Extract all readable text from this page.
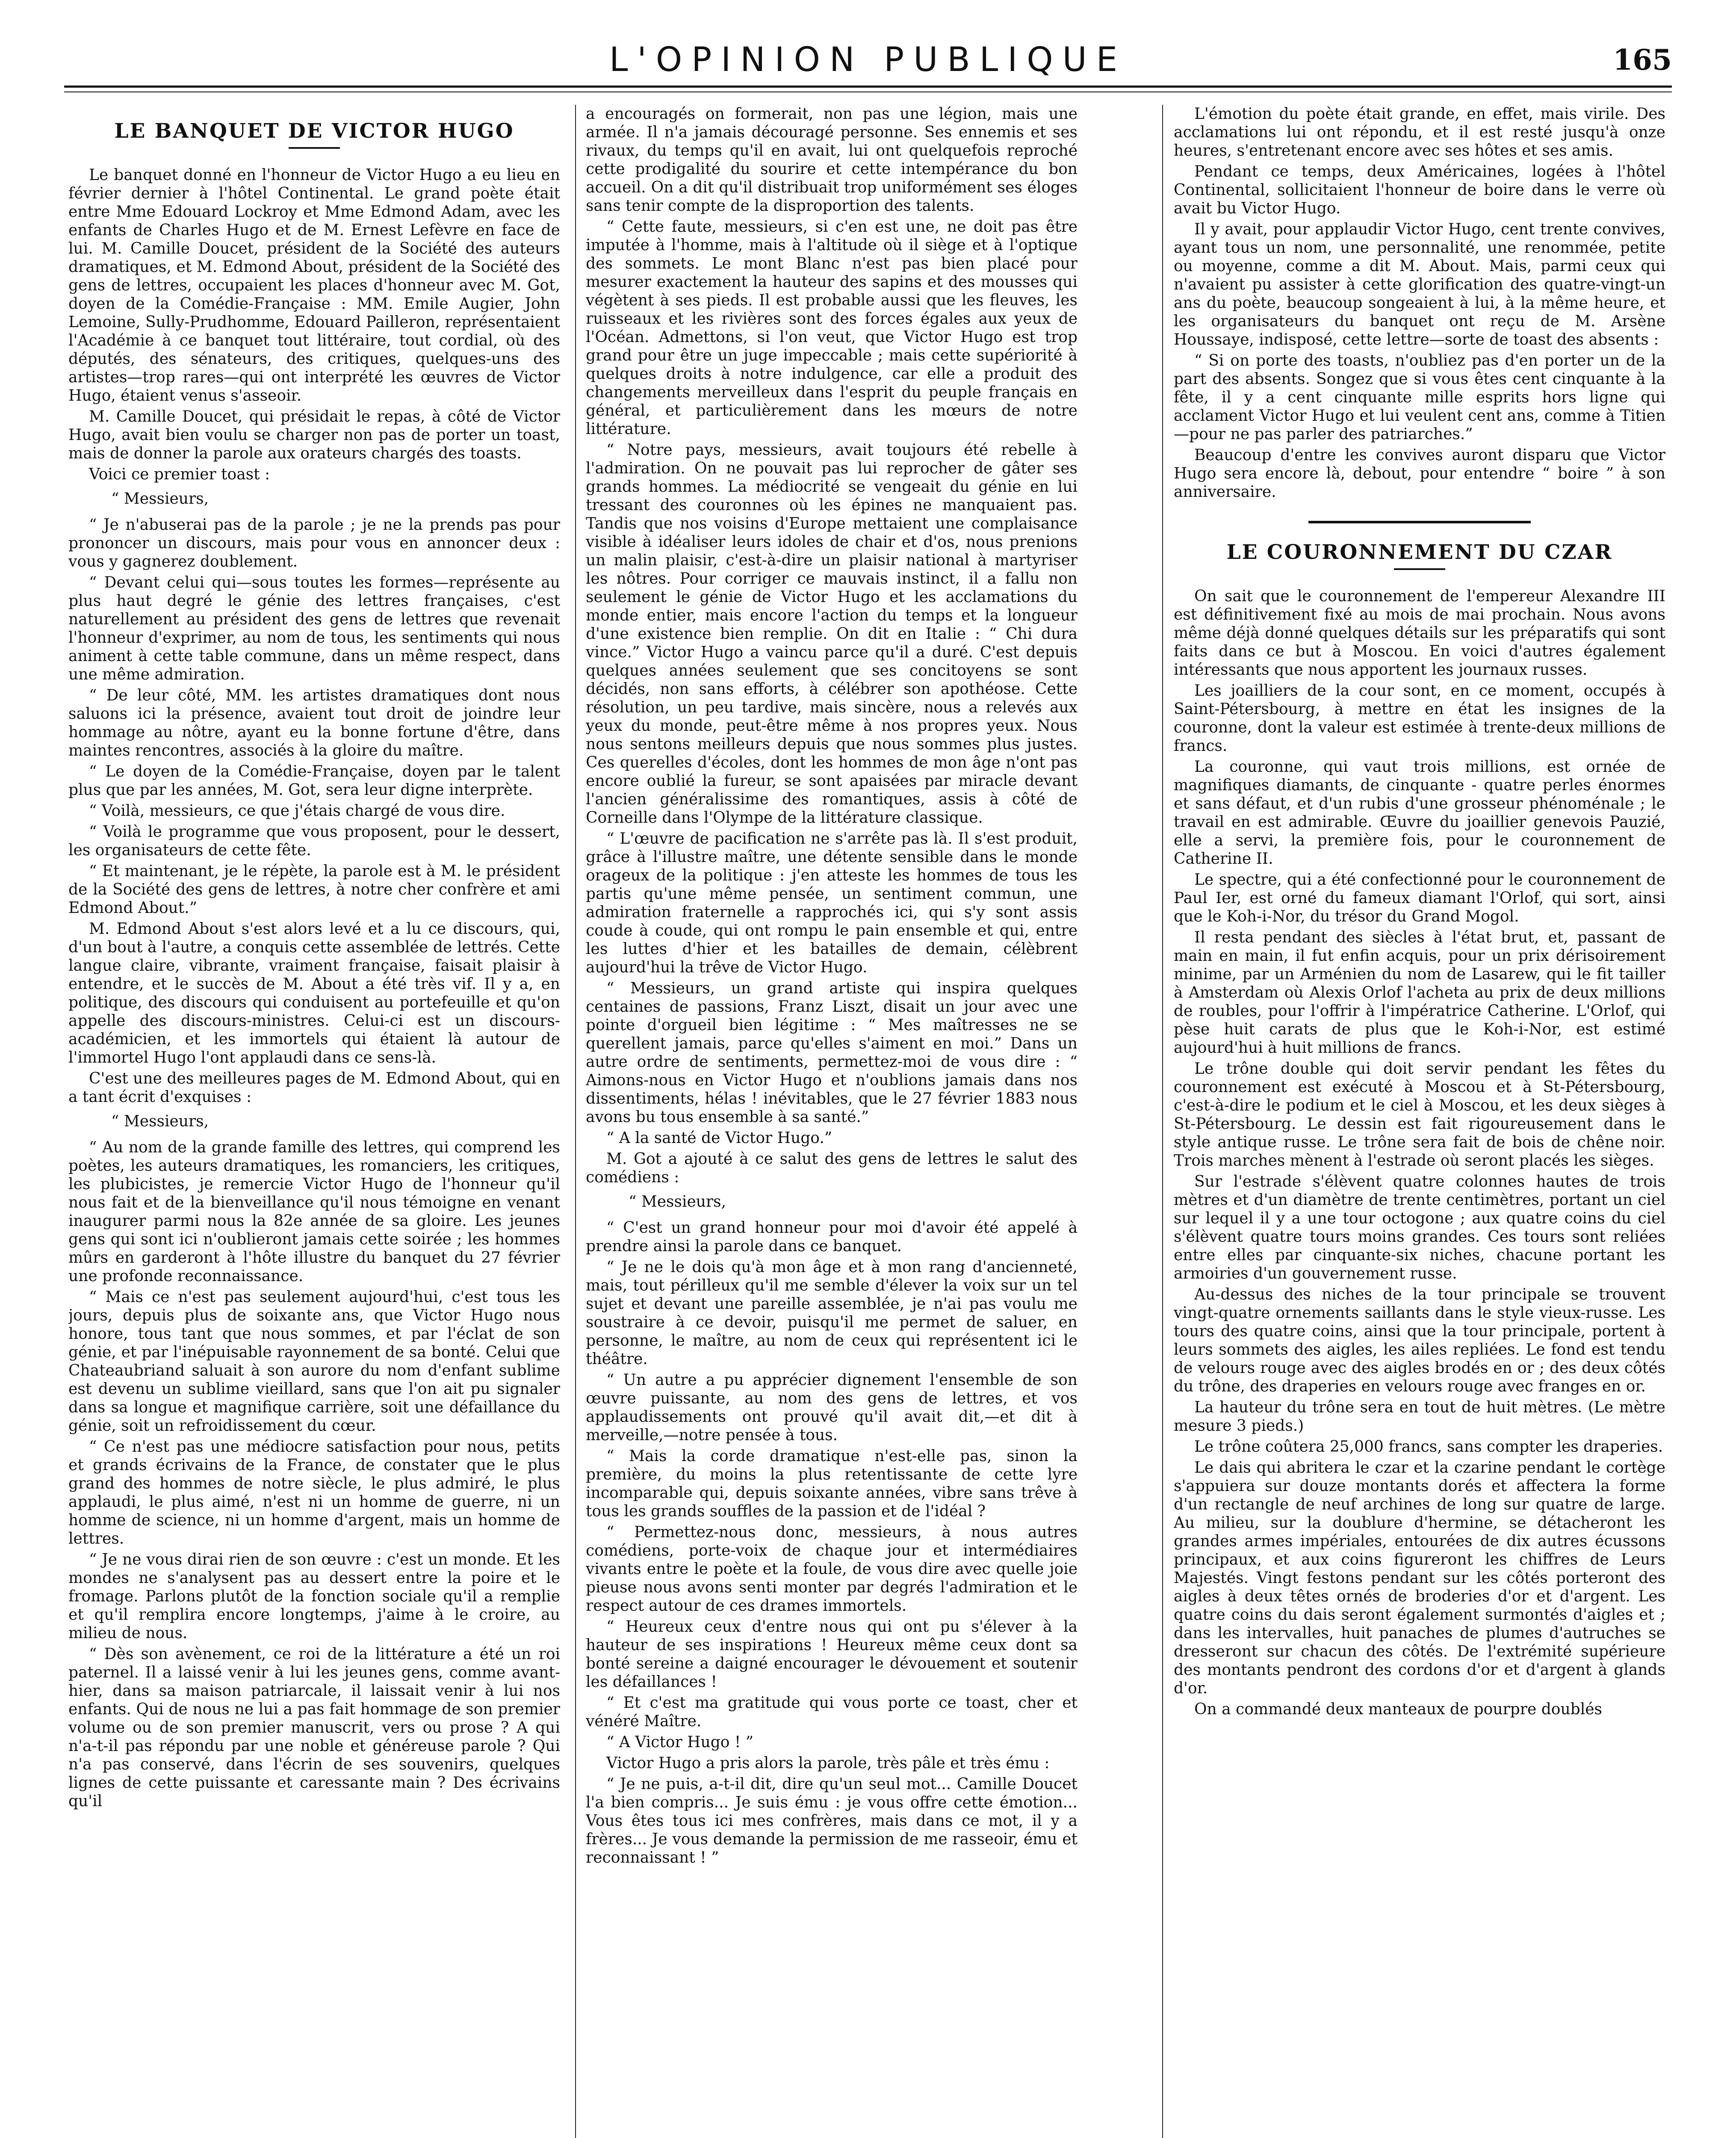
L'OPINION PUBLIQUE	165
LE BANQUET DE VICTOR HUGO

Le banquet donné en l'honneur de Victor Hugo a eu lieu en février dernier à l'hôtel Continental. Le grand poète était entre Mme Edouard Lockroy et Mme Edmond Adam, avec les enfants de Charles Hugo et de M. Ernest Lefèvre en face de lui. M. Camille Doucet, président de la Société des auteurs dramatiques, et M. Edmond About, président de la Société des gens de lettres, occupaient les places d'honneur avec M. Got, doyen de la Comédie-Française : MM. Emile Augier, John Lemoine, Sully-Prudhomme, Edouard Pailleron, représentaient l'Académie à ce banquet tout littéraire, tout cordial, où des députés, des sénateurs, des critiques, quelques-uns des artistes—trop rares—qui ont interprété les œuvres de Victor Hugo, étaient venus s'asseoir.

M. Camille Doucet, qui présidait le repas, à côté de Victor Hugo, avait bien voulu se charger non pas de porter un toast, mais de donner la parole aux orateurs chargés des toasts.

Voici ce premier toast :

“ Messieurs,

“ Je n'abuserai pas de la parole ; je ne la prends pas pour prononcer un discours, mais pour vous en annoncer deux : vous y gagnerez doublement.

“ Devant celui qui—sous toutes les formes—représente au plus haut degré le génie des lettres françaises, c'est naturellement au président des gens de lettres que revenait l'honneur d'exprimer, au nom de tous, les sentiments qui nous animent à cette table commune, dans un même respect, dans une même admiration.

“ De leur côté, MM. les artistes dramatiques dont nous saluons ici la présence, avaient tout droit de joindre leur hommage au nôtre, ayant eu la bonne fortune d'être, dans maintes rencontres, associés à la gloire du maître.

“ Le doyen de la Comédie-Française, doyen par le talent plus que par les années, M. Got, sera leur digne interprète.

“ Voilà, messieurs, ce que j'étais chargé de vous dire.

“ Voilà le programme que vous proposent, pour le dessert, les organisateurs de cette fête.

“ Et maintenant, je le répète, la parole est à M. le président de la Société des gens de lettres, à notre cher confrère et ami Edmond About.”

M. Edmond About s'est alors levé et a lu ce discours, qui, d'un bout à l'autre, a conquis cette assemblée de lettrés. Cette langue claire, vibrante, vraiment française, faisait plaisir à entendre, et le succès de M. About a été très vif. Il y a, en politique, des discours qui conduisent au portefeuille et qu'on appelle des discours-ministres. Celui-ci est un discours-académicien, et les immortels qui étaient là autour de l'immortel Hugo l'ont applaudi dans ce sens-là.

C'est une des meilleures pages de M. Edmond About, qui en a tant écrit d'exquises :

“ Messieurs,

“ Au nom de la grande famille des lettres, qui comprend les poètes, les auteurs dramatiques, les romanciers, les critiques, les plubicistes, je remercie Victor Hugo de l'honneur qu'il nous fait et de la bienveillance qu'il nous témoigne en venant inaugurer parmi nous la 82e année de sa gloire. Les jeunes gens qui sont ici n'oublieront jamais cette soirée ; les hommes mûrs en garderont à l'hôte illustre du banquet du 27 février une profonde reconnaissance.

“ Mais ce n'est pas seulement aujourd'hui, c'est tous les jours, depuis plus de soixante ans, que Victor Hugo nous honore, tous tant que nous sommes, et par l'éclat de son génie, et par l'inépuisable rayonnement de sa bonté. Celui que Chateaubriand saluait à son aurore du nom d'enfant sublime est devenu un sublime vieillard, sans que l'on ait pu signaler dans sa longue et magnifique carrière, soit une défaillance du génie, soit un refroidissement du cœur.

“ Ce n'est pas une médiocre satisfaction pour nous, petits et grands écrivains de la France, de constater que le plus grand des hommes de notre siècle, le plus admiré, le plus applaudi, le plus aimé, n'est ni un homme de guerre, ni un homme de science, ni un homme d'argent, mais un homme de lettres.

“ Je ne vous dirai rien de son œuvre : c'est un monde. Et les mondes ne s'analysent pas au dessert entre la poire et le fromage. Parlons plutôt de la fonction sociale qu'il a remplie et qu'il remplira encore longtemps, j'aime à le croire, au milieu de nous.

“ Dès son avènement, ce roi de la littérature a été un roi paternel. Il a laissé venir à lui les jeunes gens, comme avant-hier, dans sa maison patriarcale, il laissait venir à lui nos enfants. Qui de nous ne lui a pas fait hommage de son premier volume ou de son premier manuscrit, vers ou prose ? A qui n'a-t-il pas répondu par une noble et généreuse parole ? Qui n'a pas conservé, dans l'écrin de ses souvenirs, quelques lignes de cette puissante et caressante main ? Des écrivains qu'il

a encouragés on formerait, non pas une légion, mais une armée. Il n'a jamais découragé personne. Ses ennemis et ses rivaux, du temps qu'il en avait, lui ont quelquefois reproché cette prodigalité du sourire et cette intempérance du bon accueil. On a dit qu'il distribuait trop uniformément ses éloges sans tenir compte de la disproportion des talents.

“ Cette faute, messieurs, si c'en est une, ne doit pas être imputée à l'homme, mais à l'altitude où il siège et à l'optique des sommets. Le mont Blanc n'est pas bien placé pour mesurer exactement la hauteur des sapins et des mousses qui végètent à ses pieds. Il est probable aussi que les fleuves, les ruisseaux et les rivières sont des forces égales aux yeux de l'Océan. Admettons, si l'on veut, que Victor Hugo est trop grand pour être un juge impeccable ; mais cette supériorité à quelques droits à notre indulgence, car elle a produit des changements merveilleux dans l'esprit du peuple français en général, et particulièrement dans les mœurs de notre littérature.

“ Notre pays, messieurs, avait toujours été rebelle à l'admiration. On ne pouvait pas lui reprocher de gâter ses grands hommes. La médiocrité se vengeait du génie en lui tressant des couronnes où les épines ne manquaient pas. Tandis que nos voisins d'Europe mettaient une complaisance visible à idéaliser leurs idoles de chair et d'os, nous prenions un malin plaisir, c'est-à-dire un plaisir national à martyriser les nôtres. Pour corriger ce mauvais instinct, il a fallu non seulement le génie de Victor Hugo et les acclamations du monde entier, mais encore l'action du temps et la longueur d'une existence bien remplie. On dit en Italie : “ Chi dura vince.” Victor Hugo a vaincu parce qu'il a duré. C'est depuis quelques années seulement que ses concitoyens se sont décidés, non sans efforts, à célébrer son apothéose. Cette résolution, un peu tardive, mais sincère, nous a relevés aux yeux du monde, peut-être même à nos propres yeux. Nous nous sentons meilleurs depuis que nous sommes plus justes. Ces querelles d'écoles, dont les hommes de mon âge n'ont pas encore oublié la fureur, se sont apaisées par miracle devant l'ancien généralissime des romantiques, assis à côté de Corneille dans l'Olympe de la littérature classique.

“ L'œuvre de pacification ne s'arrête pas là. Il s'est produit, grâce à l'illustre maître, une détente sensible dans le monde orageux de la politique : j'en atteste les hommes de tous les partis qu'une même pensée, un sentiment commun, une admiration fraternelle a rapprochés ici, qui s'y sont assis coude à coude, qui ont rompu le pain ensemble et qui, entre les luttes d'hier et les batailles de demain, célèbrent aujourd'hui la trêve de Victor Hugo.

“ Messieurs, un grand artiste qui inspira quelques centaines de passions, Franz Liszt, disait un jour avec une pointe d'orgueil bien légitime : “ Mes maîtresses ne se querellent jamais, parce qu'elles s'aiment en moi.” Dans un autre ordre de sentiments, permettez-moi de vous dire : “ Aimons-nous en Victor Hugo et n'oublions jamais dans nos dissentiments, hélas ! inévitables, que le 27 février 1883 nous avons bu tous ensemble à sa santé.”

“ A la santé de Victor Hugo.”

M. Got a ajouté à ce salut des gens de lettres le salut des comédiens :

“ Messieurs,

“ C'est un grand honneur pour moi d'avoir été appelé à prendre ainsi la parole dans ce banquet.

“ Je ne le dois qu'à mon âge et à mon rang d'ancienneté, mais, tout périlleux qu'il me semble d'élever la voix sur un tel sujet et devant une pareille assemblée, je n'ai pas voulu me soustraire à ce devoir, puisqu'il me permet de saluer, en personne, le maître, au nom de ceux qui représentent ici le théâtre.

“ Un autre a pu apprécier dignement l'ensemble de son œuvre puissante, au nom des gens de lettres, et vos applaudissements ont prouvé qu'il avait dit,—et dit à merveille,—notre pensée à tous.

“ Mais la corde dramatique n'est-elle pas, sinon la première, du moins la plus retentissante de cette lyre incomparable qui, depuis soixante années, vibre sans trêve à tous les grands souffles de la passion et de l'idéal ?

“ Permettez-nous donc, messieurs, à nous autres comédiens, porte-voix de chaque jour et intermédiaires vivants entre le poète et la foule, de vous dire avec quelle joie pieuse nous avons senti monter par degrés l'admiration et le respect autour de ces drames immortels.

“ Heureux ceux d'entre nous qui ont pu s'élever à la hauteur de ses inspirations ! Heureux même ceux dont sa bonté sereine a daigné encourager le dévouement et soutenir les défaillances !

“ Et c'est ma gratitude qui vous porte ce toast, cher et vénéré Maître.

“ A Victor Hugo ! ”

Victor Hugo a pris alors la parole, très pâle et très ému :

“ Je ne puis, a-t-il dit, dire qu'un seul mot... Camille Doucet l'a bien compris... Je suis ému : je vous offre cette émotion... Vous êtes tous ici mes confrères, mais dans ce mot, il y a frères... Je vous demande la permission de me rasseoir, ému et reconnaissant ! ”

L'émotion du poète était grande, en effet, mais virile. Des acclamations lui ont répondu, et il est resté jusqu'à onze heures, s'entretenant encore avec ses hôtes et ses amis.

Pendant ce temps, deux Américaines, logées à l'hôtel Continental, sollicitaient l'honneur de boire dans le verre où avait bu Victor Hugo.

Il y avait, pour applaudir Victor Hugo, cent trente convives, ayant tous un nom, une personnalité, une renommée, petite ou moyenne, comme a dit M. About. Mais, parmi ceux qui n'avaient pu assister à cette glorification des quatre-vingt-un ans du poète, beaucoup songeaient à lui, à la même heure, et les organisateurs du banquet ont reçu de M. Arsène Houssaye, indisposé, cette lettre—sorte de toast des absents :

“ Si on porte des toasts, n'oubliez pas d'en porter un de la part des absents. Songez que si vous êtes cent cinquante à la fête, il y a cent cinquante mille esprits hors ligne qui acclament Victor Hugo et lui veulent cent ans, comme à Titien—pour ne pas parler des patriarches.”

Beaucoup d'entre les convives auront disparu que Victor Hugo sera encore là, debout, pour entendre “ boire ” à son anniversaire.

LE COURONNEMENT DU CZAR

On sait que le couronnement de l'empereur Alexandre III est définitivement fixé au mois de mai prochain. Nous avons même déjà donné quelques détails sur les préparatifs qui sont faits dans ce but à Moscou. En voici d'autres également intéressants que nous apportent les journaux russes.

Les joailliers de la cour sont, en ce moment, occupés à Saint-Pétersbourg, à mettre en état les insignes de la couronne, dont la valeur est estimée à trente-deux millions de francs.

La couronne, qui vaut trois millions, est ornée de magnifiques diamants, de cinquante - quatre perles énormes et sans défaut, et d'un rubis d'une grosseur phénoménale ; le travail en est admirable. Œuvre du joaillier genevois Pauzié, elle a servi, la première fois, pour le couronnement de Catherine II.

Le spectre, qui a été confectionné pour le couronnement de Paul Ier, est orné du fameux diamant l'Orlof, qui sort, ainsi que le Koh-i-Nor, du trésor du Grand Mogol.

Il resta pendant des siècles à l'état brut, et, passant de main en main, il fut enfin acquis, pour un prix dérisoirement minime, par un Arménien du nom de Lasarew, qui le fit tailler à Amsterdam où Alexis Orlof l'acheta au prix de deux millions de roubles, pour l'offrir à l'impératrice Catherine. L'Orlof, qui pèse huit carats de plus que le Koh-i-Nor, est estimé aujourd'hui à huit millions de francs.

Le trône double qui doit servir pendant les fêtes du couronnement est exécuté à Moscou et à St-Pétersbourg, c'est-à-dire le podium et le ciel à Moscou, et les deux sièges à St-Pétersbourg. Le dessin est fait rigoureusement dans le style antique russe. Le trône sera fait de bois de chêne noir. Trois marches mènent à l'estrade où seront placés les sièges.

Sur l'estrade s'élèvent quatre colonnes hautes de trois mètres et d'un diamètre de trente centimètres, portant un ciel sur lequel il y a une tour octogone ; aux quatre coins du ciel s'élèvent quatre tours moins grandes. Ces tours sont reliées entre elles par cinquante-six niches, chacune portant les armoiries d'un gouvernement russe.

Au-dessus des niches de la tour principale se trouvent vingt-quatre ornements saillants dans le style vieux-russe. Les tours des quatre coins, ainsi que la tour principale, portent à leurs sommets des aigles, les ailes repliées. Le fond est tendu de velours rouge avec des aigles brodés en or ; des deux côtés du trône, des draperies en velours rouge avec franges en or.

La hauteur du trône sera en tout de huit mètres. (Le mètre mesure 3 pieds.)

Le trône coûtera 25,000 francs, sans compter les draperies.

Le dais qui abritera le czar et la czarine pendant le cortège s'appuiera sur douze montants dorés et affectera la forme d'un rectangle de neuf archines de long sur quatre de large. Au milieu, sur la doublure d'hermine, se détacheront les grandes armes impériales, entourées de dix autres écussons principaux, et aux coins figureront les chiffres de Leurs Majestés. Vingt festons pendant sur les côtés porteront des aigles à deux têtes ornés de broderies d'or et d'argent. Les quatre coins du dais seront également surmontés d'aigles et ; dans les intervalles, huit panaches de plumes d'autruches se dresseront sur chacun des côtés. De l'extrémité supérieure des montants pendront des cordons d'or et d'argent à glands d'or.

On a commandé deux manteaux de pourpre doublés
